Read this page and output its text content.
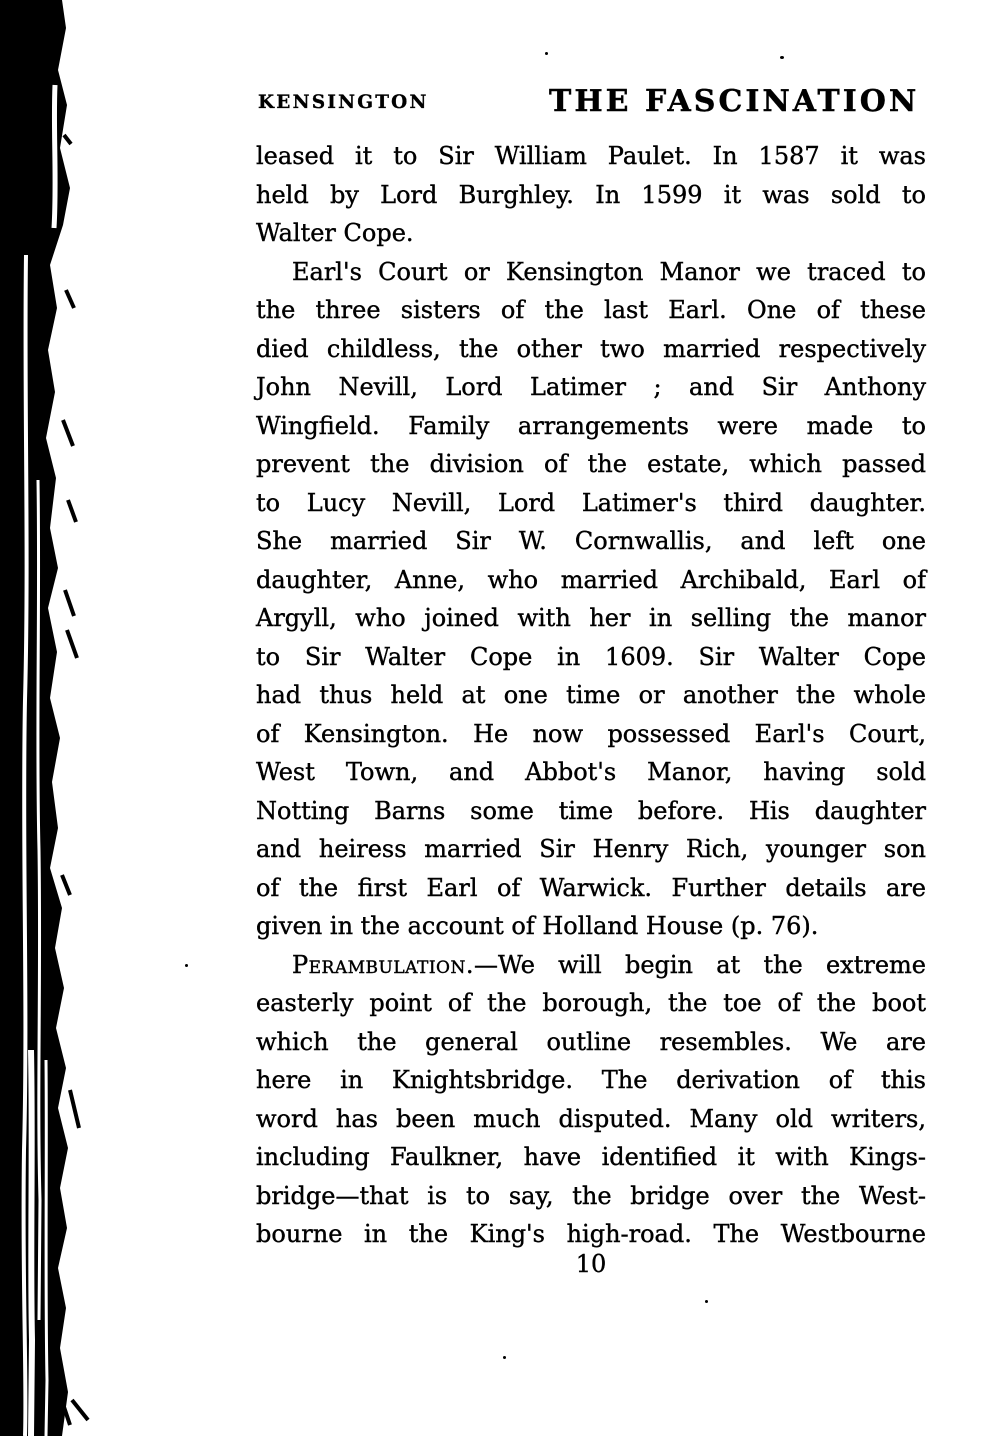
KENSINGTON	THE FASCINATION
leased it to Sir William Paulet. In 1587 it was
held by Lord Burghley. In 1599 it was sold to
Walter Cope.
Earl's Court or Kensington Manor we traced to
the three sisters of the last Earl. One of these
died childless, the other two married respectively
John Nevill, Lord Latimer ; and Sir Anthony
Wingfield. Family arrangements were made to
prevent the division of the estate, which passed
to Lucy Nevill, Lord Latimer's third daughter.
She married Sir W. Cornwallis, and left one
daughter, Anne, who married Archibald, Earl of
Argyll, who joined with her in selling the manor
to Sir Walter Cope in 1609. Sir Walter Cope
had thus held at one time or another the whole
of Kensington. He now possessed Earl's Court,
West Town, and Abbot's Manor, having sold
Notting Barns some time before. His daughter
and heiress married Sir Henry Rich, younger son
of the first Earl of Warwick. Further details are
given in the account of Holland House (p. 76).
Perambulation.—We will begin at the extreme
easterly point of the borough, the toe of the boot
which the general outline resembles. We are
here in Knightsbridge. The derivation of this
word has been much disputed. Many old writers,
including Faulkner, have identified it with Kings-
bridge—that is to say, the bridge over the West-
bourne in the King's high-road. The Westbourne
10
